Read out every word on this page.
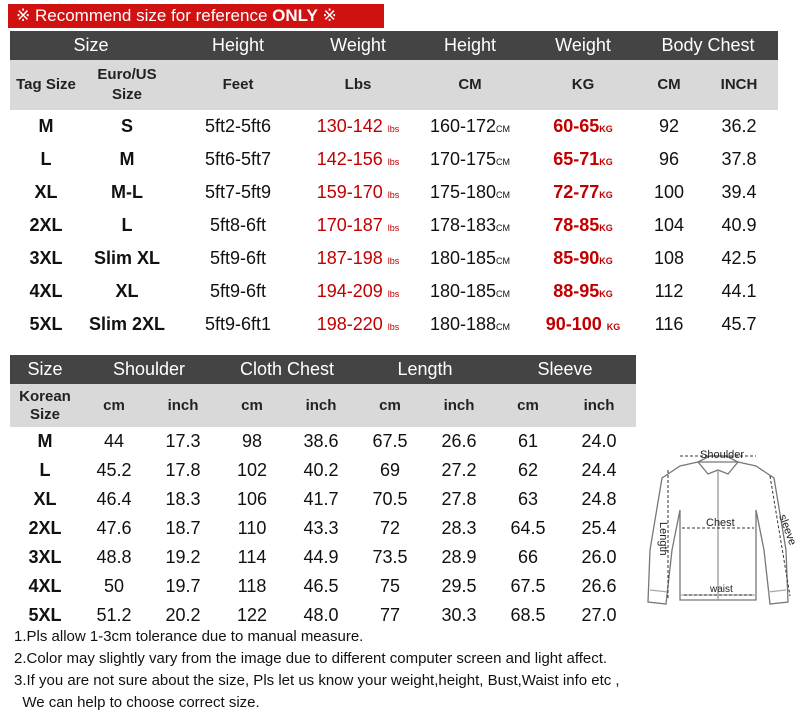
※ Recommend size for reference ONLY ※
Size		Height	Weight	Height	Weight	Body Chest	
Tag Size	Euro/US Size	Feet	Lbs	CM	KG	CM	INCH
M	S	5ft2-5ft6	130-142 lbs	160-172CM	60-65KG	92	36.2
L	M	5ft6-5ft7	142-156 lbs	170-175CM	65-71KG	96	37.8
XL	M-L	5ft7-5ft9	159-170 lbs	175-180CM	72-77KG	100	39.4
2XL	L	5ft8-6ft	170-187 lbs	178-183CM	78-85KG	104	40.9
3XL	Slim XL	5ft9-6ft	187-198 lbs	180-185CM	85-90KG	108	42.5
4XL	XL	5ft9-6ft	194-209 lbs	180-185CM	88-95KG	112	44.1
5XL	Slim 2XL	5ft9-6ft1	198-220 lbs	180-188CM	90-100 KG	116	45.7
Size	Shoulder		Cloth Chest		Length		Sleeve	
Korean Size	cm	inch	cm	inch	cm	inch	cm	inch
M	44	17.3	98	38.6	67.5	26.6	61	24.0
L	45.2	17.8	102	40.2	69	27.2	62	24.4
XL	46.4	18.3	106	41.7	70.5	27.8	63	24.8
2XL	47.6	18.7	110	43.3	72	28.3	64.5	25.4
3XL	48.8	19.2	114	44.9	73.5	28.9	66	26.0
4XL	50	19.7	118	46.5	75	29.5	67.5	26.6
5XL	51.2	20.2	122	48.0	77	30.3	68.5	27.0
Shoulder
Chest
waist
Length	sleeve
1.Pls allow 1-3cm tolerance due to manual measure.
2.Color may slightly vary from the image due to different computer screen and light affect.
3.If you are not sure about the size, Pls let us know your weight,height, Bust,Waist info etc ,
We can help to choose correct size.
